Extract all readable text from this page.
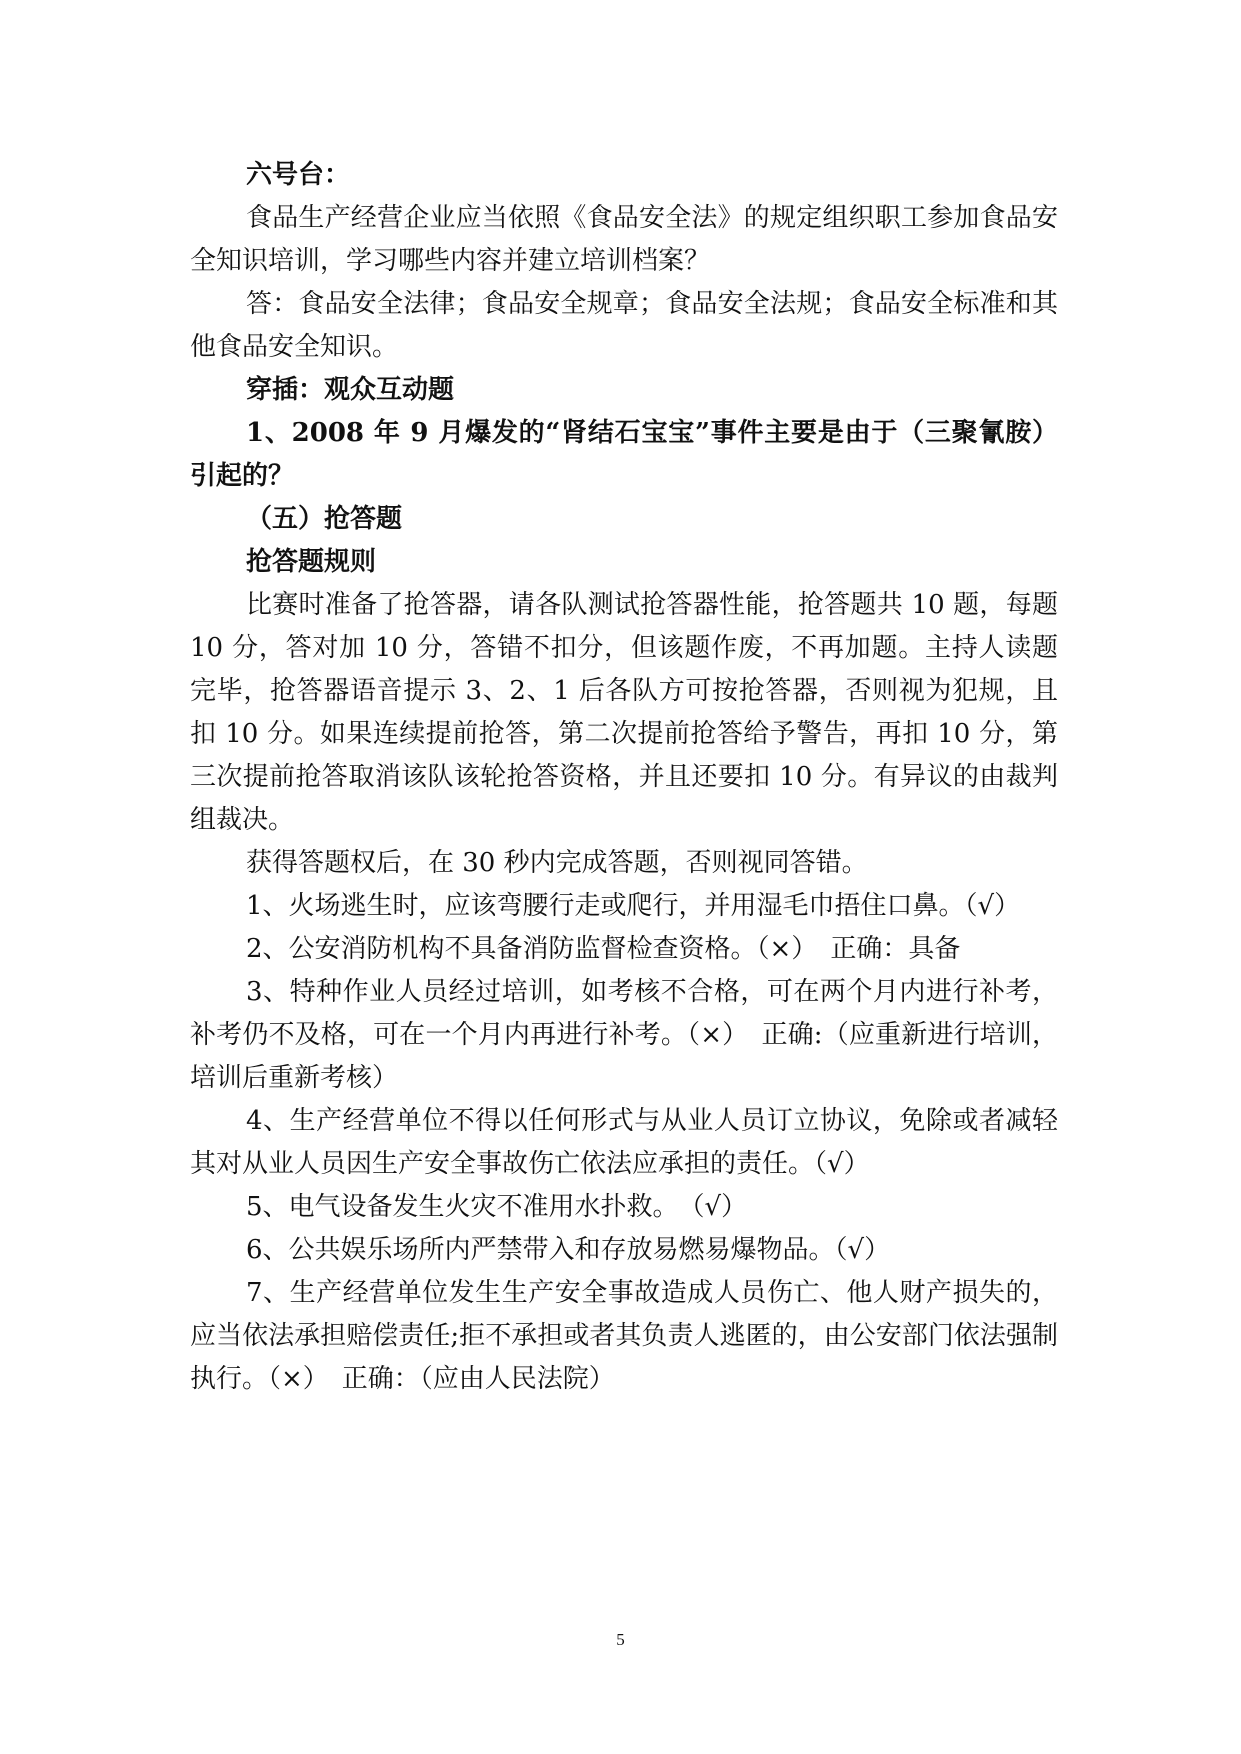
六号台：

食品生产经营企业应当依照《食品安全法》的规定组织职工参加食品安全知识培训，学习哪些内容并建立培训档案？

答：食品安全法律；食品安全规章；食品安全法规；食品安全标准和其他食品安全知识。

穿插：观众互动题

1、2008 年 9 月爆发的“肾结石宝宝”事件主要是由于（三聚氰胺）引起的？

（五）抢答题

抢答题规则

比赛时准备了抢答器，请各队测试抢答器性能，抢答题共 10 题，每题 10 分，答对加 10 分，答错不扣分，但该题作废，不再加题。主持人读题完毕，抢答器语音提示 3、2、1 后各队方可按抢答器，否则视为犯规，且扣 10 分。如果连续提前抢答，第二次提前抢答给予警告，再扣 10 分，第三次提前抢答取消该队该轮抢答资格，并且还要扣 10 分。有异议的由裁判组裁决。

获得答题权后，在 30 秒内完成答题，否则视同答错。

1、火场逃生时，应该弯腰行走或爬行，并用湿毛巾捂住口鼻。（√）

2、公安消防机构不具备消防监督检查资格。（×）　正确：具备

3、特种作业人员经过培训，如考核不合格，可在两个月内进行补考，补考仍不及格，可在一个月内再进行补考。（×）　正确:（应重新进行培训，培训后重新考核）

4、生产经营单位不得以任何形式与从业人员订立协议，免除或者减轻其对从业人员因生产安全事故伤亡依法应承担的责任。（√）

5、电气设备发生火灾不准用水扑救。　（√）

6、公共娱乐场所内严禁带入和存放易燃易爆物品。（√）

7、生产经营单位发生生产安全事故造成人员伤亡、他人财产损失的，应当依法承担赔偿责任;拒不承担或者其负责人逃匿的，由公安部门依法强制执行。（×）　正确：（应由人民法院）

5
